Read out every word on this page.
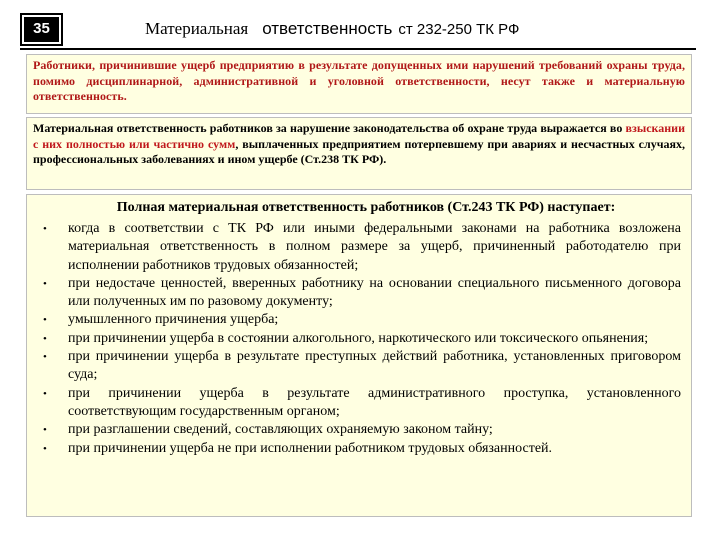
35	Материальная ответственность ст 232-250 ТК РФ

Работники, причинившие ущерб предприятию в результате допущенных ими нарушений требований охраны труда, помимо дисциплинарной, административной и уголовной ответственности, несут также и материальную ответственность.

Материальная ответственность работников за нарушение законодательства об охране труда выражается во взыскании с них полностью или частично сумм, выплаченных предприятием потерпевшему при авариях и несчастных случаях, профессиональных заболеваниях и ином ущербе (Ст.238 ТК РФ).

Полная материальная ответственность работников (Ст.243 ТК РФ) наступает:
• когда в соответствии с ТК РФ или иными федеральными законами на работника возложена материальная ответственность в полном размере за ущерб, причиненный работодателю при исполнении работников трудовых обязанностей;
• при недостаче ценностей, вверенных работнику на основании специального письменного договора или полученных им по разовому документу;
• умышленного причинения ущерба;
• при причинении ущерба в состоянии алкогольного, наркотического или токсического опьянения;
• при причинении ущерба в результате преступных действий работника, установленных приговором суда;
• при причинении ущерба в результате административного проступка, установленного соответствующим государственным органом;
• при разглашении сведений, составляющих охраняемую законом тайну;
• при причинении ущерба не при исполнении работником трудовых обязанностей.
